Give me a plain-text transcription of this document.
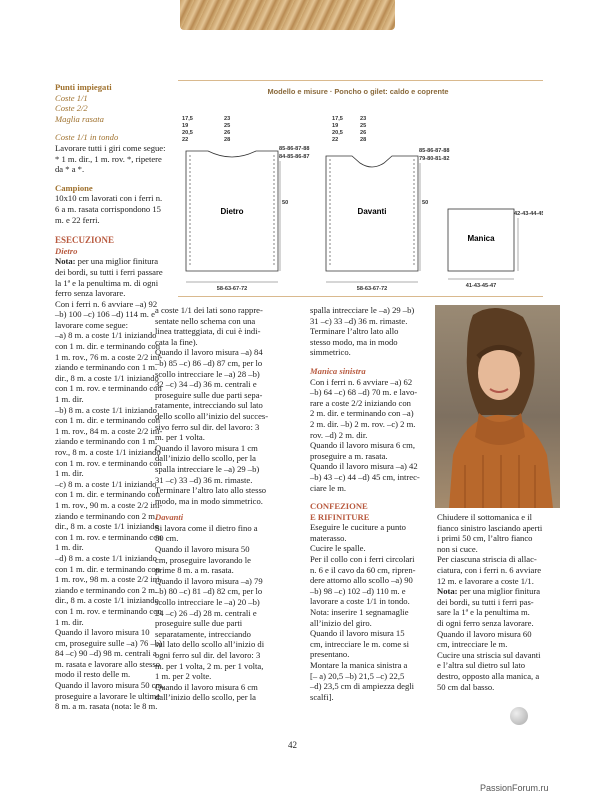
Punti impiegati

Coste 1/1

Coste 2/2

Maglia rasata

Coste 1/1 in tondo

Lavorare tutti i giri come segue:
* 1 m. dir., 1 m. rov. *, ripetere
da * a *.

Campione

10x10 cm lavorati con i ferri n.
6 a m. rasata corrispondono 15
m. e 22 ferri.

ESECUZIONE

Dietro

Nota: per una miglior finitura
dei bordi, su tutti i ferri passare
la 1ª e la penultima m. di ogni
ferro senza lavorare.

Con i ferri n. 6 avviare –a) 92
–b) 100 –c) 106 –d) 114 m. e
lavorare come segue:
–a) 8 m. a coste 1/1 iniziando
con 1 m. dir. e terminando con
1 m. rov., 76 m. a coste 2/2 ini-
ziando e terminando con 1 m.
dir., 8 m. a coste 1/1 iniziando
con 1 m. rov. e terminando con
1 m. dir.
–b) 8 m. a coste 1/1 iniziando
con 1 m. dir. e terminando con
1 m. rov., 84 m. a coste 2/2 ini-
ziando e terminando con 1 m.
rov., 8 m. a coste 1/1 iniziando
con 1 m. rov. e terminando con
1 m. dir.
–c) 8 m. a coste 1/1 iniziando
con 1 m. dir. e terminando con
1 m. rov., 90 m. a coste 2/2 ini-
ziando e terminando con 2 m.
dir., 8 m. a coste 1/1 iniziando
con 1 m. rov. e terminando con
1 m. dir.
–d) 8 m. a coste 1/1 iniziando
con 1 m. dir. e terminando con
1 m. rov., 98 m. a coste 2/2 ini-
ziando e terminando con 2 m.
dir., 8 m. a coste 1/1 iniziando
con 1 m. rov. e terminando con
1 m. dir.
Quando il lavoro misura 10
cm, proseguire sulle –a) 76 –b)
84 –c) 90 –d) 98 m. centrali a
m. rasata e lavorare allo stesso
modo il resto delle m.
Quando il lavoro misura 50 cm,
proseguire a lavorare le ultime
8 m. a m. rasata (nota: le 8 m.

Modello e misure · Poncho o gilet: caldo e coprente
17,5
19
20,5
22
23
25
26
28
85-86-87-88
84-85-86-87
50
Dietro
58-63-67-72
17,5
19
20,5
22
23
25
26
28
85-86-87-88
79-80-81-82
50
Davanti
58-63-67-72
Manica
42-43-44-45
41-43-45-47

a coste 1/1 dei lati sono rappre-
sentate nello schema con una
linea tratteggiata, di cui è indi-
cata la fine).
Quando il lavoro misura –a) 84
–b) 85 –c) 86 –d) 87 cm, per lo
scollo intrecciare le –a) 28 –b)
32 –c) 34 –d) 36 m. centrali e
proseguire sulle due parti sepa-
ratamente, intrecciando sul lato
dello scollo all’inizio del succes-
sivo ferro sul dir. del lavoro: 3
m. per 1 volta.
Quando il lavoro misura 1 cm
dall’inizio dello scollo, per la
spalla intrecciare le –a) 29 –b)
31 –c) 33 –d) 36 m. rimaste.
Terminare l’altro lato allo stesso
modo, ma in modo simmetrico.

Davanti

Si lavora come il dietro fino a
50 cm.
Quando il lavoro misura 50
cm, proseguire lavorando le
prime 8 m. a m. rasata.
Quando il lavoro misura –a) 79
–b) 80 –c) 81 –d) 82 cm, per lo
scollo intrecciare le –a) 20 –b)
24 –c) 26 –d) 28 m. centrali e
proseguire sulle due parti
separatamente, intrecciando
sul lato dello scollo all’inizio di
ogni ferro sul dir. del lavoro: 3
m. per 1 volta, 2 m. per 1 volta,
1 m. per 2 volte.
Quando il lavoro misura 6 cm
dall’inizio dello scollo, per la

spalla intrecciare le –a) 29 –b)
31 –c) 33 –d) 36 m. rimaste.
Terminare l’altro lato allo
stesso modo, ma in modo
simmetrico.

Manica sinistra

Con i ferri n. 6 avviare –a) 62
–b) 64 –c) 68 –d) 70 m. e lavo-
rare a coste 2/2 iniziando con
2 m. dir. e terminando con –a)
2 m. dir. –b) 2 m. rov. –c) 2 m.
rov. –d) 2 m. dir.
Quando il lavoro misura 6 cm,
proseguire a m. rasata.
Quando il lavoro misura –a) 42
–b) 43 –c) 44 –d) 45 cm, intrec-
ciare le m.

CONFEZIONE
E RIFINITURE

Eseguire le cuciture a punto
materasso.
Cucire le spalle.
Per il collo con i ferri circolari
n. 6 e il cavo da 60 cm, ripren-
dere attorno allo scollo –a) 90
–b) 98 –c) 102 –d) 110 m. e
lavorare a coste 1/1 in tondo.
Nota: inserire 1 segnamaglie
all’inizio del giro.
Quando il lavoro misura 15
cm, intrecciare le m. come si
presentano.
Montare la manica sinistra a
[– a) 20,5 –b) 21,5 –c) 22,5
–d) 23,5 cm di ampiezza degli
scalfi].

Chiudere il sottomanica e il
fianco sinistro lasciando aperti
i primi 50 cm, l’altro fianco
non si cuce.
Per ciascuna striscia di allac-
ciatura, con i ferri n. 6 avviare
12 m. e lavorare a coste 1/1.

Nota: per una miglior finitura
dei bordi, su tutti i ferri pas-
sare la 1ª e la penultima m.
di ogni ferro senza lavorare.
Quando il lavoro misura 60
cm, intrecciare le m.
Cucire una striscia sul davanti
e l’altra sul dietro sul lato
destro, opposto alla manica, a
50 cm dal basso.

42
PassionForum.ru
